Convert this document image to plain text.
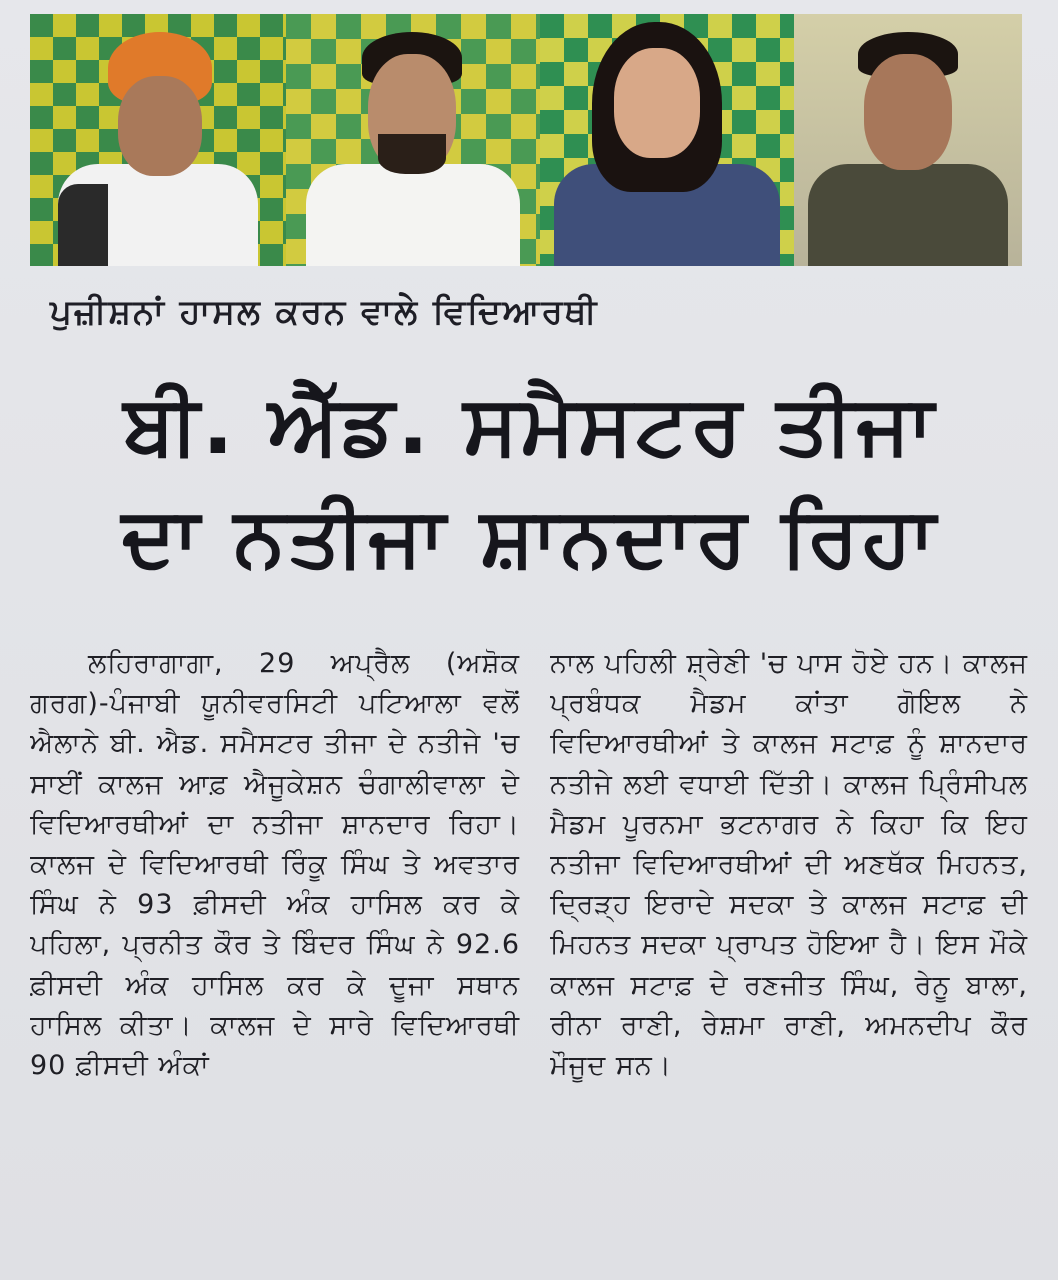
ਪੁਜ਼ੀਸ਼ਨਾਂ ਹਾਸਲ ਕਰਨ ਵਾਲੇ ਵਿਦਿਆਰਥੀ
ਬੀ. ਐੱਡ. ਸਮੈਸਟਰ ਤੀਜਾ
ਦਾ ਨਤੀਜਾ ਸ਼ਾਨਦਾਰ ਰਿਹਾ
ਲਹਿਰਾਗਾਗਾ, 29 ਅਪ੍ਰੈਲ (ਅਸ਼ੋਕ ਗਰਗ)-ਪੰਜਾਬੀ ਯੂਨੀਵਰਸਿਟੀ ਪਟਿਆਲਾ ਵਲੋਂ ਐਲਾਨੇ ਬੀ. ਐਡ. ਸਮੈਸਟਰ ਤੀਜਾ ਦੇ ਨਤੀਜੇ 'ਚ ਸਾਈਂ ਕਾਲਜ ਆਫ਼ ਐਜੂਕੇਸ਼ਨ ਚੰਗਾਲੀਵਾਲਾ ਦੇ ਵਿਦਿਆਰਥੀਆਂ ਦਾ ਨਤੀਜਾ ਸ਼ਾਨਦਾਰ ਰਿਹਾ। ਕਾਲਜ ਦੇ ਵਿਦਿਆਰਥੀ ਰਿੰਕੂ ਸਿੰਘ ਤੇ ਅਵਤਾਰ ਸਿੰਘ ਨੇ 93 ਫ਼ੀਸਦੀ ਅੰਕ ਹਾਸਿਲ ਕਰ ਕੇ ਪਹਿਲਾ, ਪ੍ਰਨੀਤ ਕੌਰ ਤੇ ਬਿੰਦਰ ਸਿੰਘ ਨੇ 92.6 ਫ਼ੀਸਦੀ ਅੰਕ ਹਾਸਿਲ ਕਰ ਕੇ ਦੂਜਾ ਸਥਾਨ ਹਾਸਿਲ ਕੀਤਾ। ਕਾਲਜ ਦੇ ਸਾਰੇ ਵਿਦਿਆਰਥੀ 90 ਫ਼ੀਸਦੀ ਅੰਕਾਂ
ਨਾਲ ਪਹਿਲੀ ਸ਼੍ਰੇਣੀ 'ਚ ਪਾਸ ਹੋਏ ਹਨ। ਕਾਲਜ ਪ੍ਰਬੰਧਕ ਮੈਡਮ ਕਾਂਤਾ ਗੋਇਲ ਨੇ ਵਿਦਿਆਰਥੀਆਂ ਤੇ ਕਾਲਜ ਸਟਾਫ਼ ਨੂੰ ਸ਼ਾਨਦਾਰ ਨਤੀਜੇ ਲਈ ਵਧਾਈ ਦਿੱਤੀ। ਕਾਲਜ ਪ੍ਰਿੰਸੀਪਲ ਮੈਡਮ ਪੂਰਨਮਾ ਭਟਨਾਗਰ ਨੇ ਕਿਹਾ ਕਿ ਇਹ ਨਤੀਜਾ ਵਿਦਿਆਰਥੀਆਂ ਦੀ ਅਣਥੱਕ ਮਿਹਨਤ, ਦ੍ਰਿੜ੍ਹ ਇਰਾਦੇ ਸਦਕਾ ਤੇ ਕਾਲਜ ਸਟਾਫ਼ ਦੀ ਮਿਹਨਤ ਸਦਕਾ ਪ੍ਰਾਪਤ ਹੋਇਆ ਹੈ। ਇਸ ਮੌਕੇ ਕਾਲਜ ਸਟਾਫ਼ ਦੇ ਰਣਜੀਤ ਸਿੰਘ, ਰੇਨੂ ਬਾਲਾ, ਰੀਨਾ ਰਾਣੀ, ਰੇਸ਼ਮਾ ਰਾਣੀ, ਅਮਨਦੀਪ ਕੌਰ ਮੌਜੂਦ ਸਨ।
